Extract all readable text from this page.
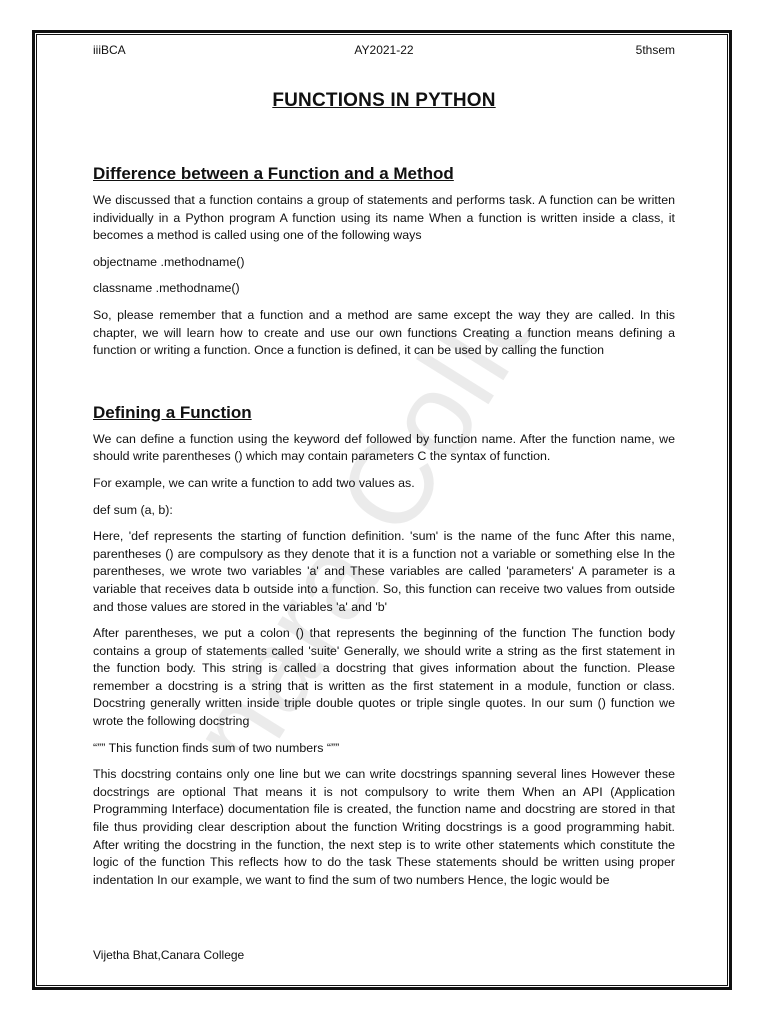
Canara College
iiiBCA	AY2021-22	5thsem
FUNCTIONS IN PYTHON
Difference between a Function and a Method

We discussed that a function contains a group of statements and performs task. A function can be written individually in a Python program A function using its name When a function is written inside a class, it becomes a method is called using one of the following ways

objectname .methodname()

classname .methodname()

So, please remember that a function and a method are same except the way they are called. In this chapter, we will learn how to create and use our own functions Creating a function means defining a function or writing a function. Once a function is defined, it can be used by calling the function

Defining a Function

We can define a function using the keyword def followed by function name. After the function name, we should write parentheses () which may contain parameters C the syntax of function.

For example, we can write a function to add two values as.

def sum (a, b):

Here, 'def represents the starting of function definition. 'sum' is the name of the func After this name, parentheses () are compulsory as they denote that it is a function not a variable or something else In the parentheses, we wrote two variables 'a' and These variables are called 'parameters' A parameter is a variable that receives data b outside into a function. So, this function can receive two values from outside and those values are stored in the variables 'a' and 'b'

After parentheses, we put a colon () that represents the beginning of the function The function body contains a group of statements called 'suite' Generally, we should write a string as the first statement in the function body. This string is called a docstring that gives information about the function. Please remember a docstring is a string that is written as the first statement in a module, function or class. Docstring generally written inside triple double quotes or triple single quotes. In our sum () function we wrote the following docstring

“”” This function finds sum of two numbers “””

This docstring contains only one line but we can write docstrings spanning several lines However these docstrings are optional That means it is not compulsory to write them When an API (Application Programming Interface) documentation file is created, the function name and docstring are stored in that file thus providing clear description about the function Writing docstrings is a good programming habit. After writing the docstring in the function, the next step is to write other statements which constitute the logic of the function This reflects how to do the task These statements should be written using proper indentation In our example, we want to find the sum of two numbers Hence, the logic would be

Vijetha Bhat,Canara College
